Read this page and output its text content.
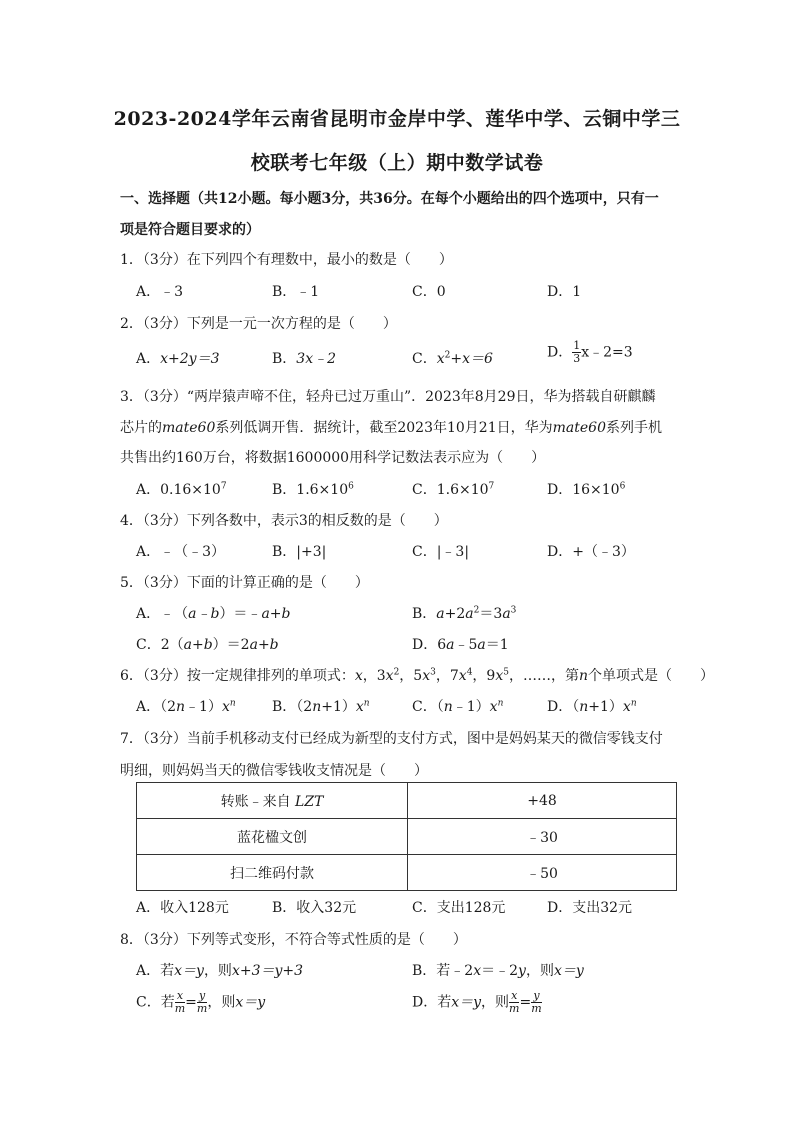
2023-2024学年云南省昆明市金岸中学、莲华中学、云铜中学三
校联考七年级（上）期中数学试卷
一、选择题（共12小题。每小题3分，共36分。在每个小题给出的四个选项中，只有一
项是符合题目要求的）
1．（3分）在下列四个有理数中，最小的数是（　　）
A．﹣3	B．﹣1	C．0	D．1
2．（3分）下列是一元一次方程的是（　　）
A．x+2y＝3	B．3x﹣2	C．$x^2+x=6$	D． $\frac{1}{3}$ x﹣2=3
3．（3分）“两岸猿声啼不住，轻舟已过万重山”．2023年8月29日，华为搭载自研麒麟
芯片的mate60系列低调开售．据统计，截至2023年10月21日，华为mate60系列手机
共售出约160万台，将数据1600000用科学记数法表示应为（　　）
A．$0.16\times 10^7$	B．$1.6\times 10^6$	C．$1.6\times 10^7$	D．$16\times 10^6$
4．（3分）下列各数中，表示3的相反数的是（　　）
A．﹣（﹣3）	B．|+3|	C．|﹣3|	D．+（﹣3）
5．（3分）下面的计算正确的是（　　）
A．﹣（a﹣b）＝﹣a+b	B．$a+2a^2=3a^3$
C．2（a+b）＝2a+b	D．6a﹣5a＝1
6．（3分）按一定规律排列的单项式：x，$3x^2$，$5x^3$，$7x^4$，$9x^5$，……，第n个单项式是（　　）
A．$(2n﹣1)x^n$	B．$(2n+1)x^n$	C．$(n﹣1)x^n$	D．$(n+1)x^n$
7．（3分）当前手机移动支付已经成为新型的支付方式，图中是妈妈某天的微信零钱支付
明细，则妈妈当天的微信零钱收支情况是（　　）
转账﹣来自 LZT	+48
蓝花楹文创	﹣30
扫二维码付款	﹣50
A．收入128元	B．收入32元	C．支出128元	D．支出32元
8．（3分）下列等式变形，不符合等式性质的是（　　）
A．若x＝y，则x+3＝y+3	B．若﹣2x＝﹣2y，则x＝y
C．若 $\frac{x}{m} = \frac{y}{m}$ ，则x＝y	D．若x＝y，则 $\frac{x}{m} = \frac{y}{m}$
